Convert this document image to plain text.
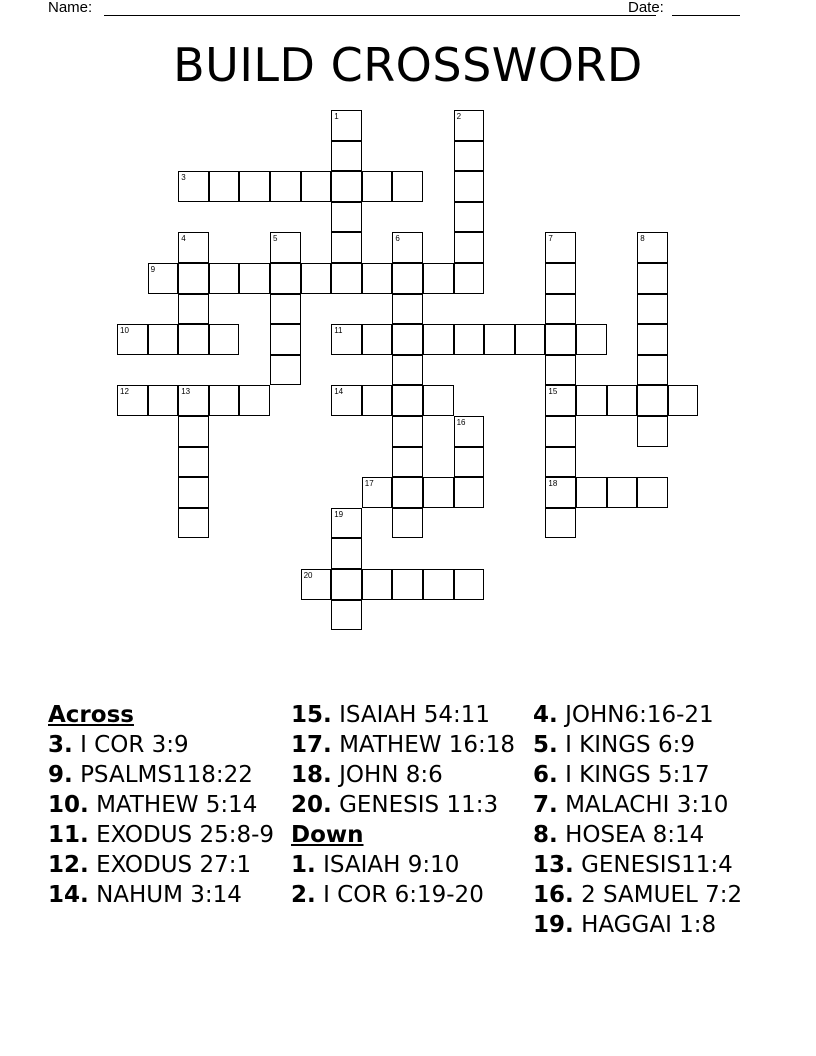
Name:	Date:
BUILD CROSSWORD
1	2
3
4	5	6	7	8
9
10	11
12	13	14	15
16
17	18
19
20
Across
3. I COR 3:9
9. PSALMS118:22
10. MATHEW 5:14
11. EXODUS 25:8-9
12. EXODUS 27:1
14. NAHUM 3:14
15. ISAIAH 54:11
17. MATHEW 16:18
18. JOHN 8:6
20. GENESIS 11:3
Down
1. ISAIAH 9:10
2. I COR 6:19-20
4. JOHN6:16-21
5. I KINGS 6:9
6. I KINGS 5:17
7. MALACHI 3:10
8. HOSEA 8:14
13. GENESIS11:4
16. 2 SAMUEL 7:2
19. HAGGAI 1:8
